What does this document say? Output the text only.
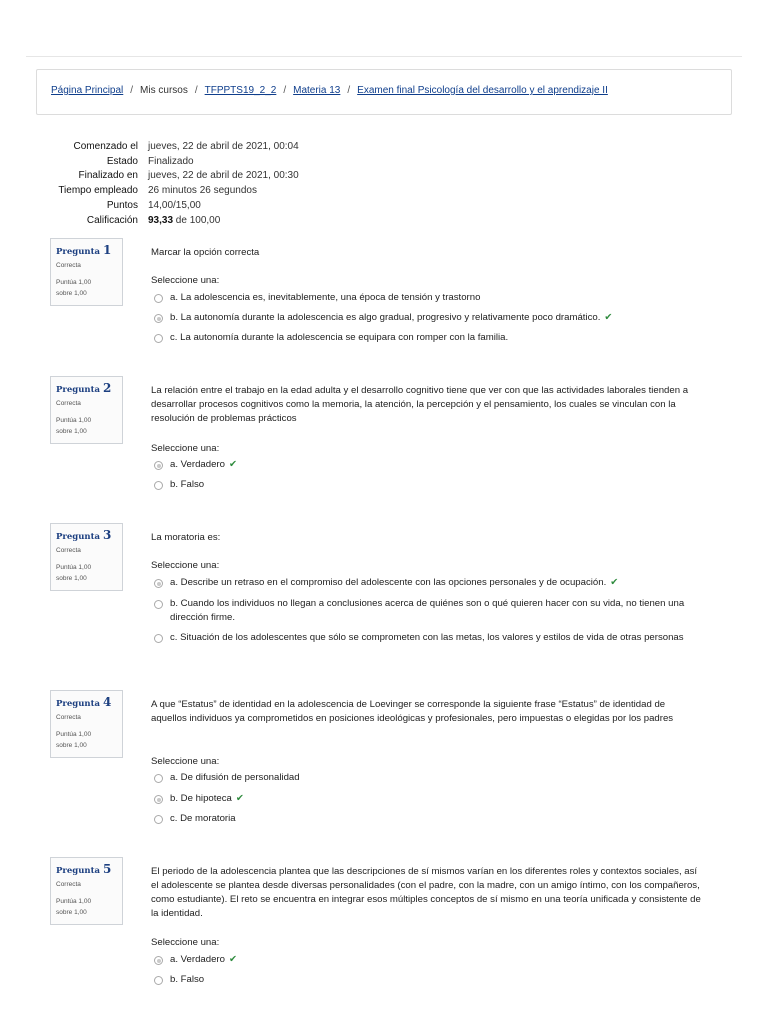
Página Principal / Mis cursos / TFPPTS19_2_2 / Materia 13 / Examen final Psicología del desarrollo y el aprendizaje II
Comenzado el	jueves, 22 de abril de 2021, 00:04
Estado	Finalizado
Finalizado en	jueves, 22 de abril de 2021, 00:30
Tiempo empleado	26 minutos 26 segundos
Puntos	14,00/15,00
Calificación	93,33 de 100,00
Pregunta 1
Correcta
Puntúa 1,00
sobre 1,00
Marcar la opción correcta
Seleccione una:
a. La adolescencia es, inevitablemente, una época de tensión y trastorno
b. La autonomía durante la adolescencia es algo gradual, progresivo y relativamente poco dramático. ✔
c. La autonomía durante la adolescencia se equipara con romper con la familia.
Pregunta 2
Correcta
Puntúa 1,00
sobre 1,00
La relación entre el trabajo en la edad adulta y el desarrollo cognitivo tiene que ver con que las actividades laborales tienden a desarrollar procesos cognitivos como la memoria, la atención, la percepción y el pensamiento, los cuales se vinculan con la resolución de problemas prácticos
Seleccione una:
a. Verdadero ✔
b. Falso
Pregunta 3
Correcta
Puntúa 1,00
sobre 1,00
La moratoria es:
Seleccione una:
a. Describe un retraso en el compromiso del adolescente con las opciones personales y de ocupación. ✔
b. Cuando los individuos no llegan a conclusiones acerca de quiénes son o qué quieren hacer con su vida, no tienen una dirección firme.
c. Situación de los adolescentes que sólo se comprometen con las metas, los valores y estilos de vida de otras personas
Pregunta 4
Correcta
Puntúa 1,00
sobre 1,00
A que “Estatus” de identidad en la adolescencia de Loevinger se corresponde la siguiente frase “Estatus” de identidad de aquellos individuos ya comprometidos en posiciones ideológicas y profesionales, pero impuestas o elegidas por los padres
Seleccione una:
a. De difusión de personalidad
b. De hipoteca ✔
c. De moratoria
Pregunta 5
Correcta
Puntúa 1,00
sobre 1,00
El periodo de la adolescencia plantea que las descripciones de sí mismos varían en los diferentes roles y contextos sociales, así el adolescente se plantea desde diversas personalidades (con el padre, con la madre, con un amigo íntimo, con los compañeros, como estudiante). El reto se encuentra en integrar esos múltiples conceptos de sí mismo en una teoría unificada y consistente de la identidad.
Seleccione una:
a. Verdadero ✔
b. Falso
